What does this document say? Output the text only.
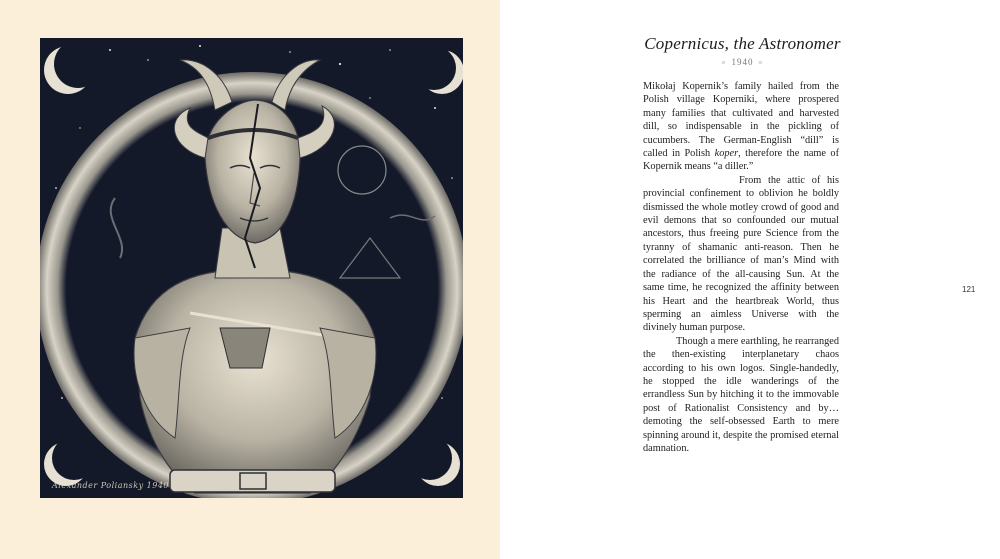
Alexander Poliansky 1940
Copernicus, the Astronomer
≡ 1940 ≡

Mikołaj Kopernik’s family hailed from the Polish village Koperniki, where prospered many families that cultivated and harvested dill, so indispensable in the pickling of cucumbers. The German-English “dill” is called in Polish koper, therefore the name of Kopernik means “a diller.”

From the attic of his provincial confinement to oblivion he boldly dismissed the whole motley crowd of good and evil demons that so confounded our mutual ancestors, thus freeing pure Science from the tyranny of shamanic anti-reason. Then he correlated the brilliance of man’s Mind with the radiance of the all-causing Sun. At the same time, he recognized the affinity between his Heart and the heartbreak World, thus sperming an aimless Universe with the divinely human purpose.

Though a mere earthling, he rearranged the then-existing interplanetary chaos according to his own logos. Single-handedly, he stopped the idle wanderings of the errandless Sun by hitching it to the immovable post of Rationalist Consistency and by… demoting the self-obsessed Earth to mere spinning around it, despite the promised eternal damnation.

121
